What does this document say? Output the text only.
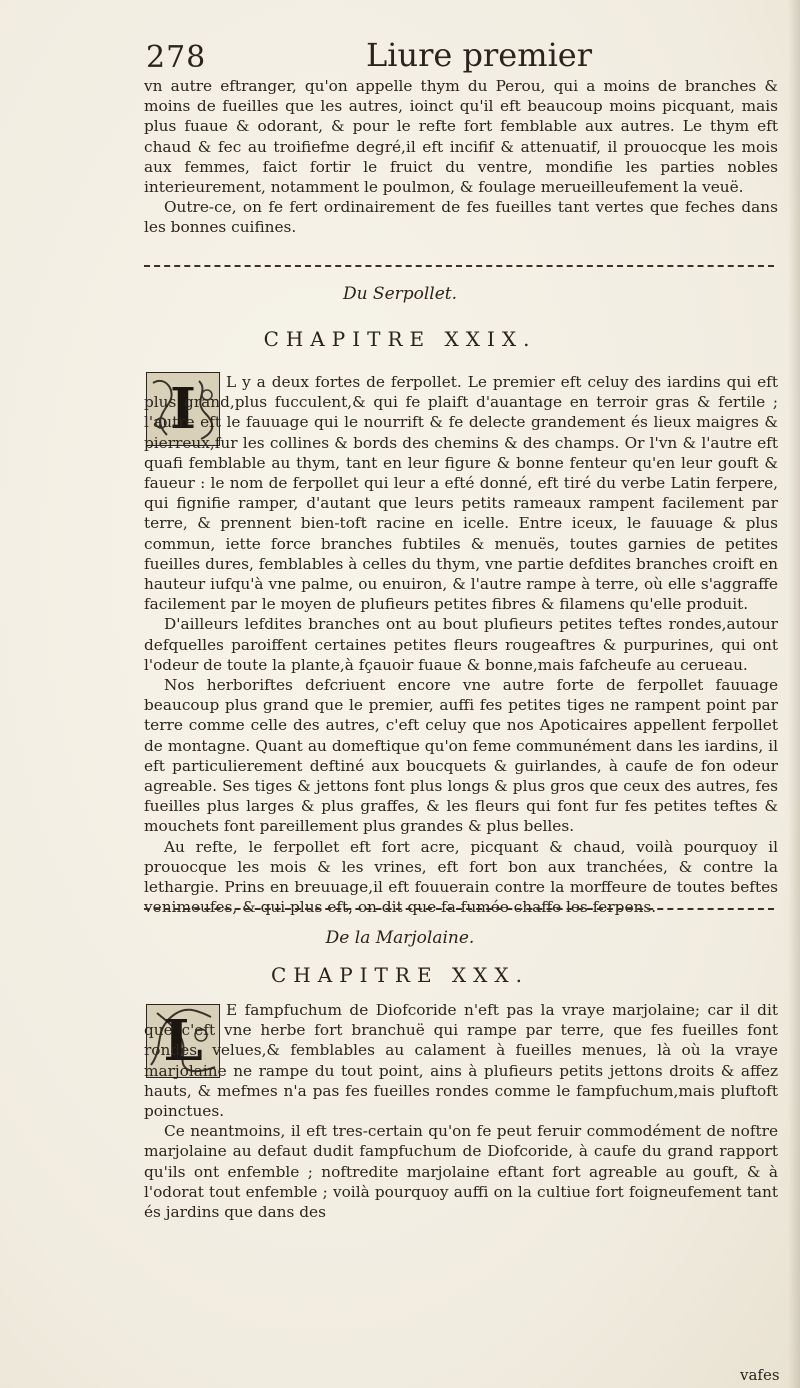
278	Liure premier

vn autre eftranger, qu'on appelle thym du Perou, qui a moins de branches & moins de fueilles que les autres, ioinct qu'il eft beaucoup moins picquant, mais plus fuaue & odorant, & pour le refte fort femblable aux autres. Le thym eft chaud & fec au troifiefme degré,il eft incifif & attenuatif, il prouocque les mois aux femmes, faict fortir le fruict du ventre, mondifie les parties nobles interieurement, notamment le poulmon, & foulage merueilleufement la veuë.

Outre-ce, on fe fert ordinairement de fes fueilles tant vertes que feches dans les bonnes cuifines.

Du Serpollet.
CHAPITRE XXIX.
I	L y a deux fortes de ferpollet. Le premier eft celuy des iardins qui eft plus grand,plus fucculent,& qui fe plaift d'auantage en terroir gras & fertile ; l'autre eft le fauuage qui le nourrift & fe delecte grandement és lieux maigres & pierreux,fur les collines & bords des chemins & des champs. Or l'vn & l'autre eft quafi femblable au thym, tant en leur figure & bonne fenteur qu'en leur gouft & faueur : le nom de ferpollet qui leur a efté donné, eft tiré du verbe Latin ferpere, qui fignifie ramper, d'autant que leurs petits rameaux rampent facilement par terre, & prennent bien-toft racine en icelle. Entre iceux, le fauuage & plus commun, iette force branches fubtiles & menuës, toutes garnies de petites fueilles dures, femblables à celles du thym, vne partie defdites branches croift en hauteur iufqu'à vne palme, ou enuiron, & l'autre rampe à terre, où elle s'aggraffe facilement par le moyen de plufieurs petites fibres & filamens qu'elle produit.

D'ailleurs lefdites branches ont au bout plufieurs petites teftes rondes,autour defquelles paroiffent certaines petites fleurs rougeaftres & purpurines, qui ont l'odeur de toute la plante,à fçauoir fuaue & bonne,mais fafcheufe au cerueau.

Nos herboriftes defcriuent encore vne autre forte de ferpollet fauuage beaucoup plus grand que le premier, auffi fes petites tiges ne rampent point par terre comme celle des autres, c'eft celuy que nos Apoticaires appellent ferpollet de montagne. Quant au domeftique qu'on feme communément dans les iardins, il eft particulierement deftiné aux boucquets & guirlandes, à caufe de fon odeur agreable. Ses tiges & jettons font plus longs & plus gros que ceux des autres, fes fueilles plus larges & plus graffes, & les fleurs qui font fur fes petites teftes & mouchets font pareillement plus grandes & plus belles.

Au refte, le ferpollet eft fort acre, picquant & chaud, voilà pourquoy il prouocque les mois & les vrines, eft fort bon aux tranchées, & contre la lethargie. Prins en breuuage,il eft fouuerain contre la morffeure de toutes beftes venimeufes, & qui plus eft, on dit que fa fumée chaffe les ferpens.

De la Marjolaine.
CHAPITRE XXX.
L	E fampfuchum de Diofcoride n'eft pas la vraye marjolaine; car il dit que c'eft vne herbe fort branchuë qui rampe par terre, que fes fueilles font rondes, velues,& femblables au calament à fueilles menues, là où la vraye marjolaine ne rampe du tout point, ains à plufieurs petits jettons droits & affez hauts, & mefmes n'a pas fes fueilles rondes comme le fampfuchum,mais pluftoft poinctues.

Ce neantmoins, il eft tres-certain qu'on fe peut feruir commodément de noftre marjolaine au defaut dudit fampfuchum de Diofcoride, à caufe du grand rapport qu'ils ont enfemble ; noftredite marjolaine eftant fort agreable au gouft, & à l'odorat tout enfemble ; voilà pourquoy auffi on la cultiue fort foigneufement tant és jardins que dans des

vafes
